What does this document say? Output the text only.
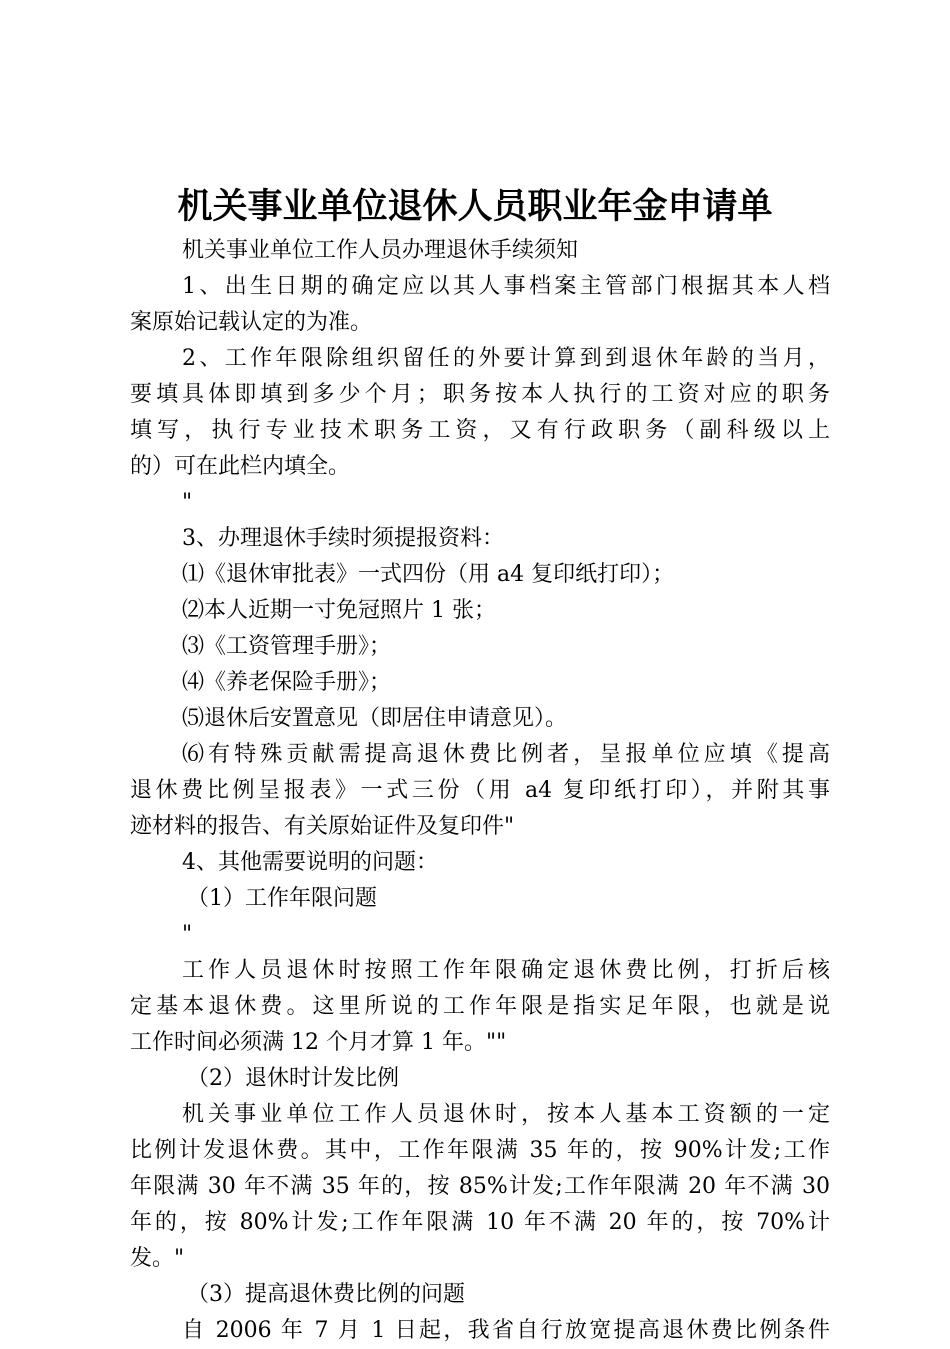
机关事业单位退休人员职业年金申请单
机关事业单位工作人员办理退休手续须知
1、出生日期的确定应以其人事档案主管部门根据其本人档
案原始记载认定的为准。
2、工作年限除组织留任的外要计算到到退休年龄的当月，
要填具体即填到多少个月；职务按本人执行的工资对应的职务
填写，执行专业技术职务工资，又有行政职务（副科级以上
的）可在此栏内填全。
"
3、办理退休手续时须提报资料：
⑴《退休审批表》一式四份（用 a4 复印纸打印）；
⑵本人近期一寸免冠照片 1 张；
⑶《工资管理手册》；
⑷《养老保险手册》；
⑸退休后安置意见（即居住申请意见）。
⑹有特殊贡献需提高退休费比例者，呈报单位应填《提高
退休费比例呈报表》一式三份（用 a4 复印纸打印），并附其事
迹材料的报告、有关原始证件及复印件"
4、其他需要说明的问题：
（1）工作年限问题
"
工作人员退休时按照工作年限确定退休费比例，打折后核
定基本退休费。这里所说的工作年限是指实足年限，也就是说
工作时间必须满 12 个月才算 1 年。""
（2）退休时计发比例
机关事业单位工作人员退休时，按本人基本工资额的一定
比例计发退休费。其中，工作年限满 35 年的，按 90%计发;工作
年限满 30 年不满 35 年的，按 85%计发;工作年限满 20 年不满 30
年的，按 80%计发;工作年限满 10 年不满 20 年的，按 70%计
发。"
（3）提高退休费比例的问题
自 2006 年 7 月 1 日起，我省自行放宽提高退休费比例条件
